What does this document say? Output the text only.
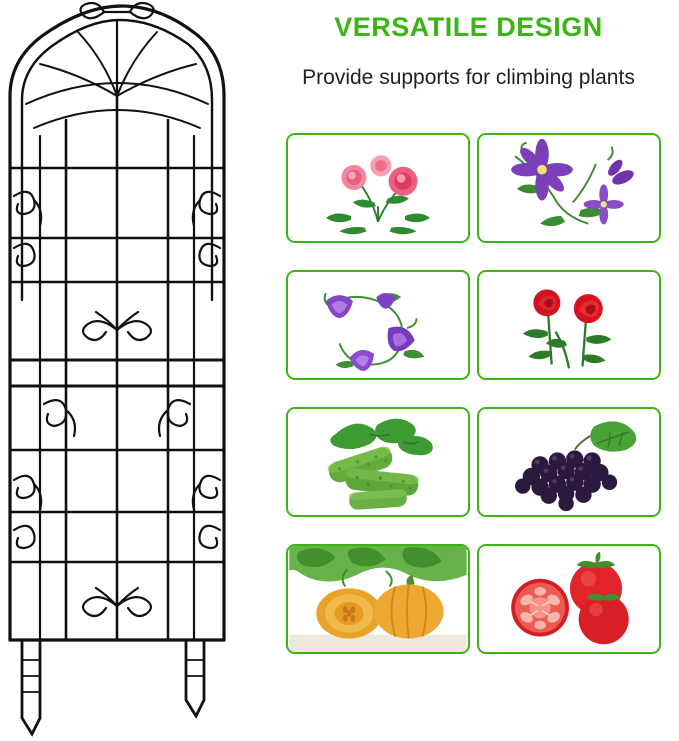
VERSATILE DESIGN
Provide supports for climbing plants
